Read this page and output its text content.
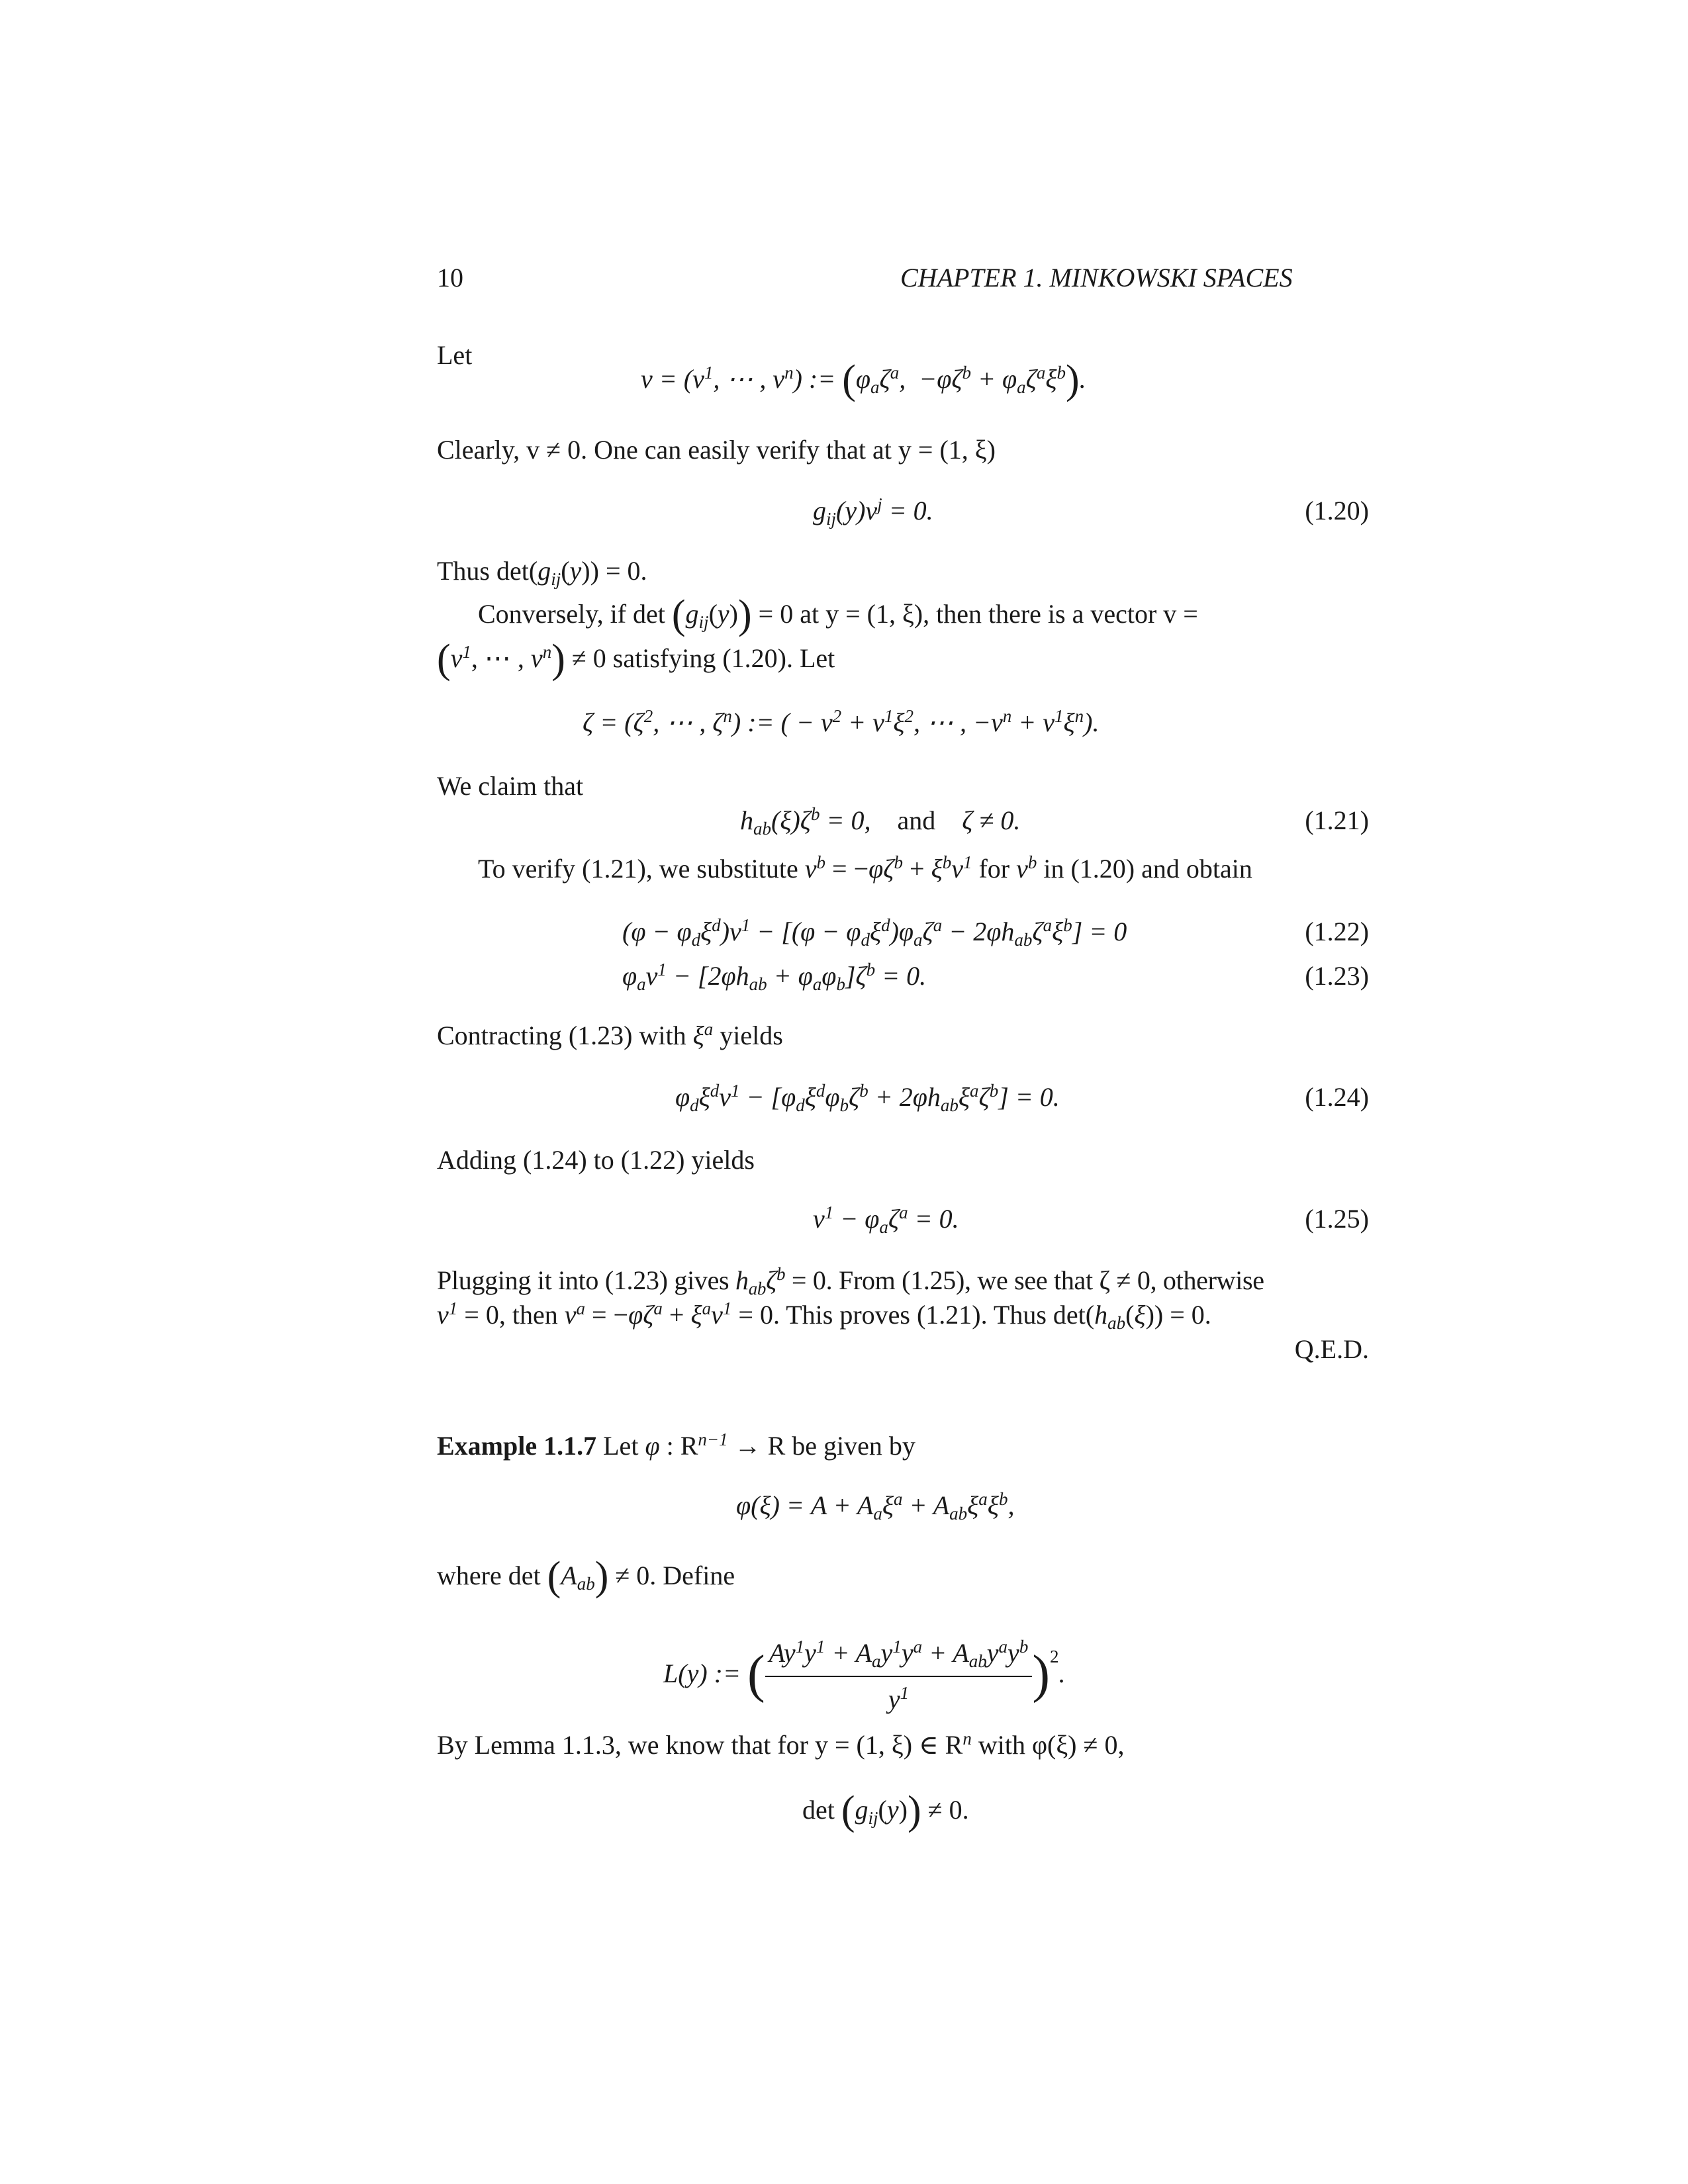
10	CHAPTER 1. MINKOWSKI SPACES
Let
$v = (v^1$, ⋯ , $v^n$) := ($\varphi_a\zeta^a$,  $-\varphi\zeta^b + \varphi_a\zeta^a\xi^b$).
Clearly, v ≠ 0. One can easily verify that at y = (1, ξ)
$g_{ij}(y)v^j = 0$.	(1.20)
Thus $\det(g_{ij}(y)) = 0$.
Conversely, if $\det (g_{ij}(y)) = 0$ at y = (1, ξ), then there is a vector v =
($v^1$, ⋯ , $v^n) \ne 0$ satisfying (1.20). Let
$\zeta = (\zeta^2$, ⋯ , $\zeta^n$) := ( − $v^2 + v^1\xi^2$, ⋯ , $-v^n + v^1\xi^n$).
We claim that
$h_{ab}(\xi)\zeta^b = 0$,    and    ζ ≠ 0.	(1.21)
To verify (1.21), we substitute $v^b = -\varphi\zeta^b + \xi^bv^1$ for $v^b$ in (1.20) and obtain
$(\varphi - \varphi_d\xi^d)v^1 - [(\varphi - \varphi_d\xi^d)\varphi_a\zeta^a - 2\varphi h_{ab}\zeta^a\xi^b] = 0$	(1.22)
$\varphi_av^1 - [2\varphi h_{ab} + \varphi_a\varphi_b]\zeta^b = 0$.	(1.23)
Contracting (1.23) with $\xi^a$ yields
$\varphi_d\xi^dv^1 - [\varphi_d\xi^d\varphi_b\zeta^b + 2\varphi h_{ab}\xi^a\zeta^b] = 0$.	(1.24)
Adding (1.24) to (1.22) yields
$v^1 - \varphi_a\zeta^a = 0$.	(1.25)
Plugging it into (1.23) gives $h_{ab}\zeta^b = 0$. From (1.25), we see that ζ ≠ 0, otherwise
$v^1 = 0$, then $v^a = -\varphi\zeta^a + \xi^av^1 = 0$. This proves (1.21). Thus $\det(h_{ab}(\xi)) = 0$.
Q.E.D.
Example 1.1.7 Let φ : $R^{n-1} \to R$ be given by
$\varphi(\xi) = A + A_a\xi^a + A_{ab}\xi^a\xi^b$,
where $\det (A_{ab}) \ne 0$. Define
L(y) := ( $\frac{Ay^1y^1 + A_ay^1y^a + A_{ab}y^ay^b}{y^1} )^2$.
By Lemma 1.1.3, we know that for y = (1, ξ) ∈ $R^n$ with φ(ξ) ≠ 0,
$\det (g_{ij}(y)) \ne 0$.
